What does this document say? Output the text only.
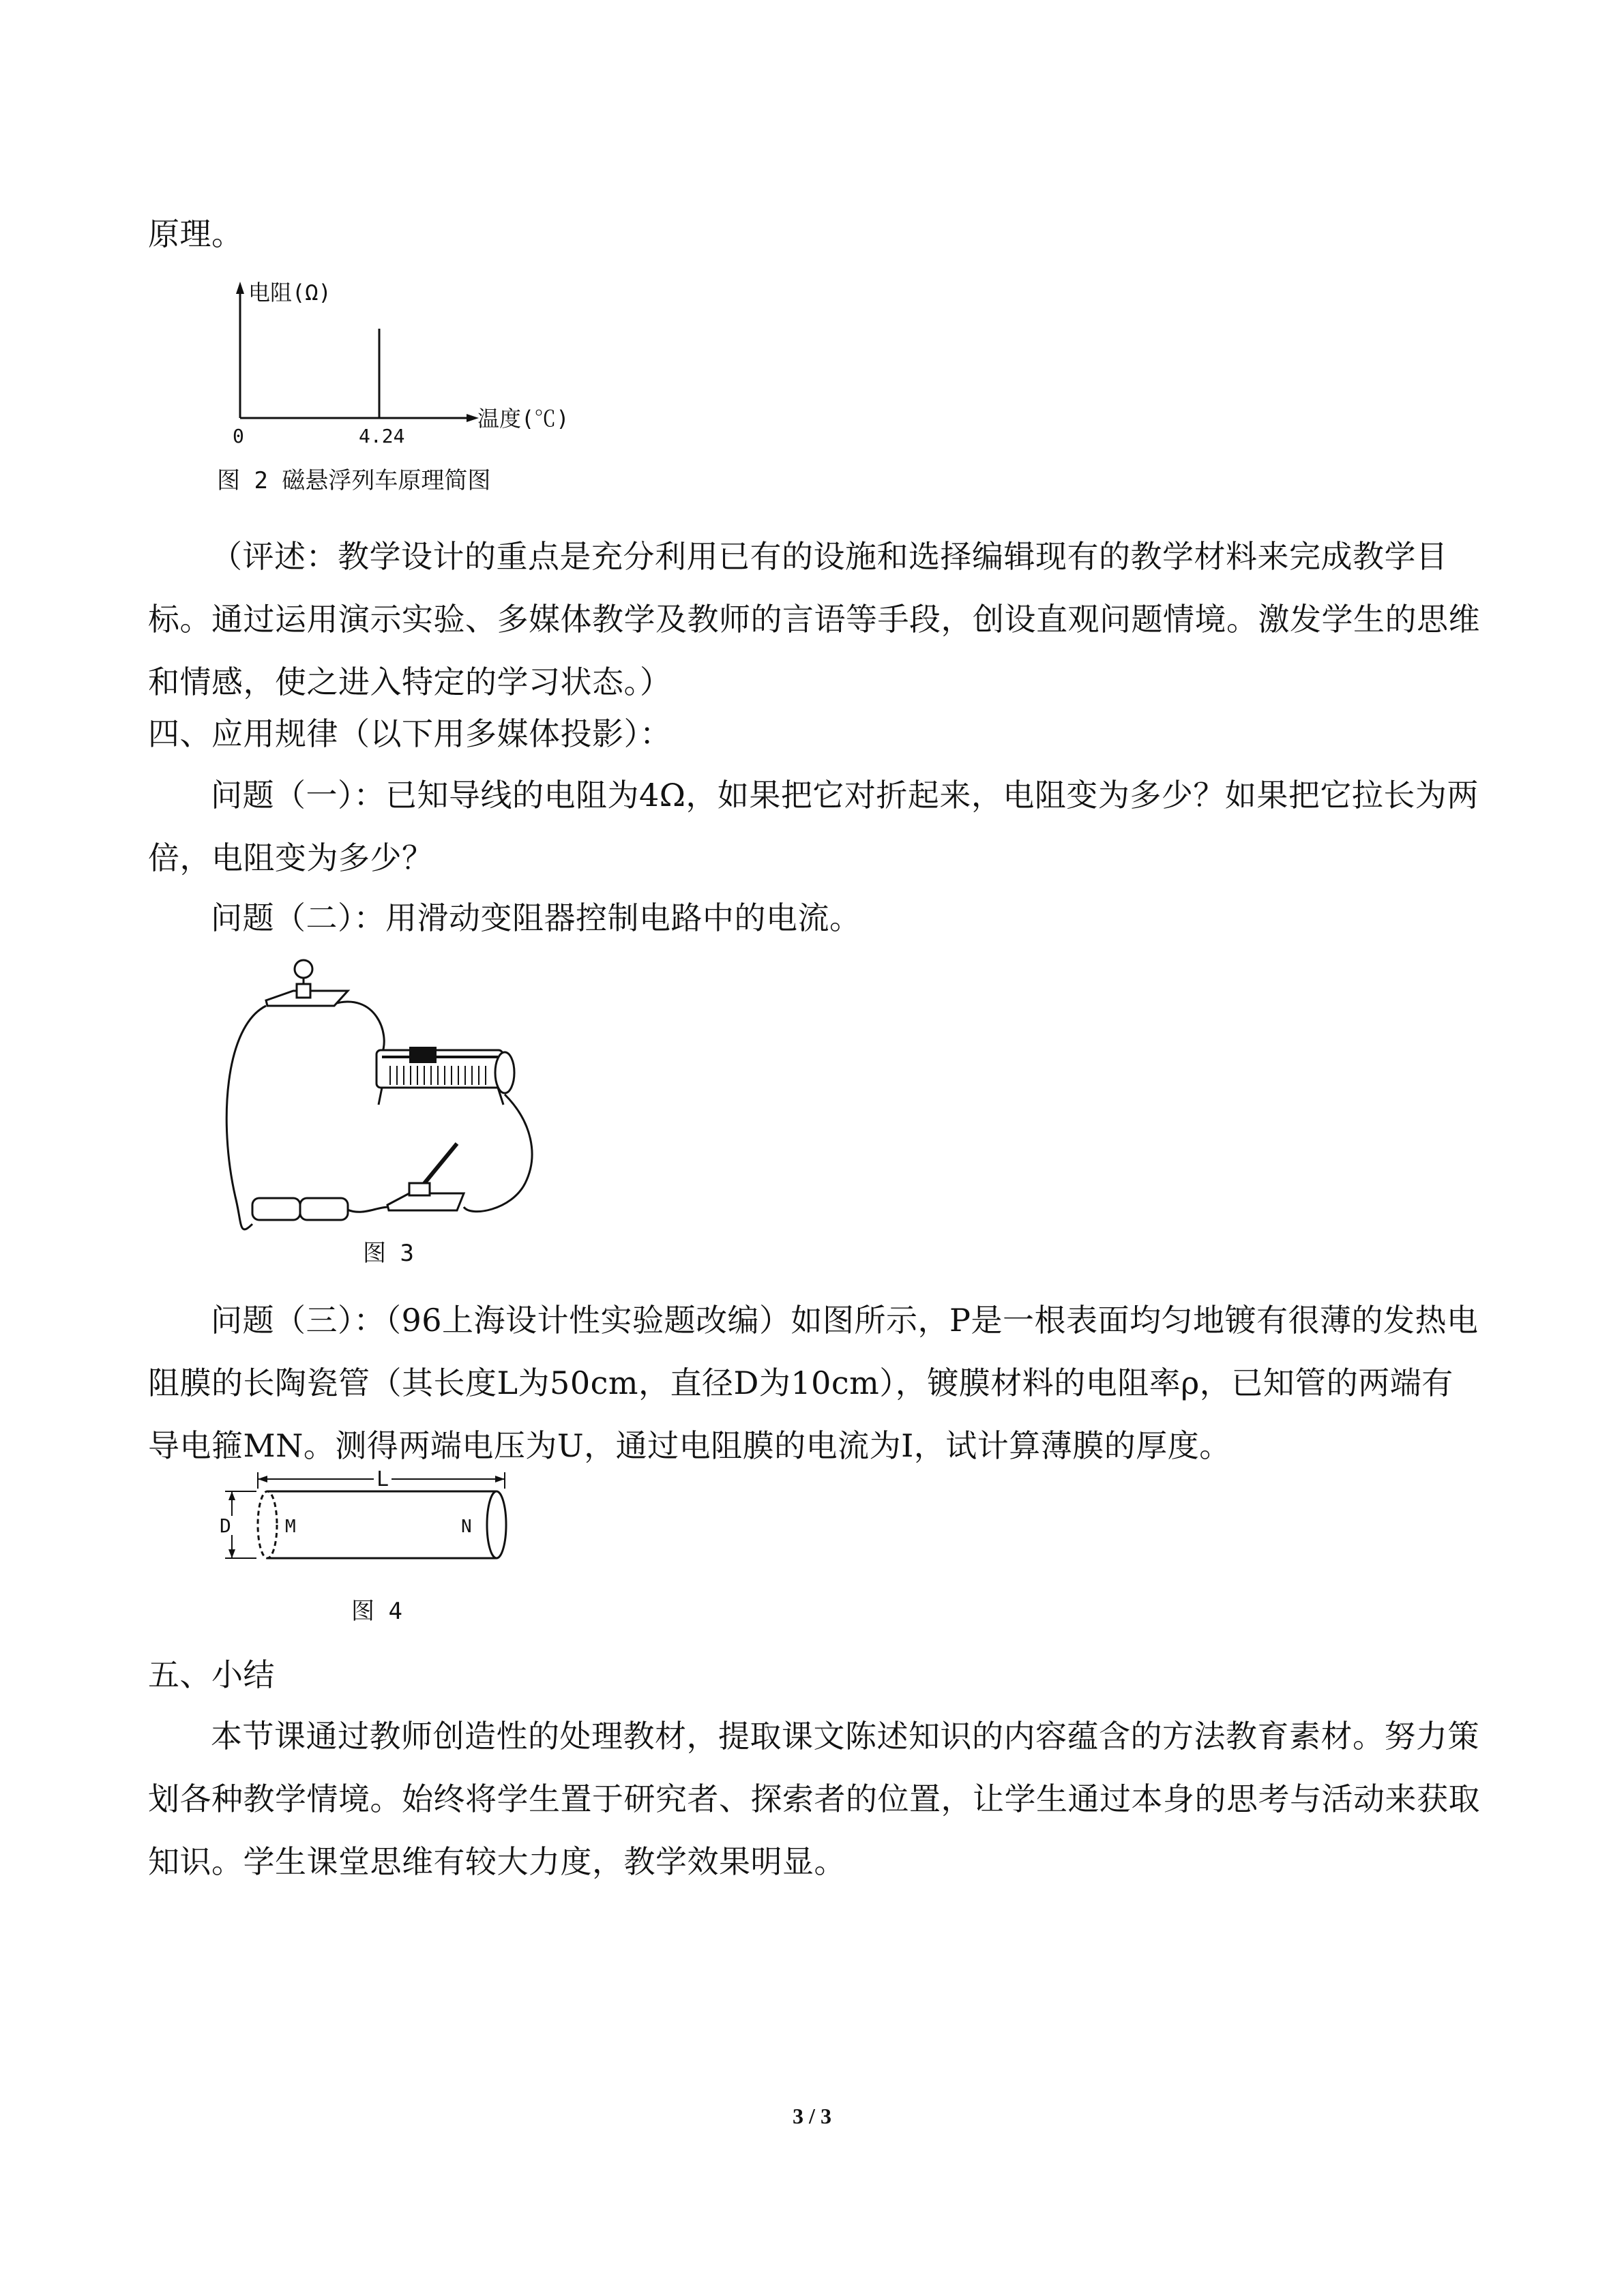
原理。
电阻(Ω)
温度(℃)
0	4.24
图 2 磁悬浮列车原理简图
（评述：教学设计的重点是充分利用已有的设施和选择编辑现有的教学材料来完成教学目标。通过运用演示实验、多媒体教学及教师的言语等手段，创设直观问题情境。激发学生的思维和情感，使之进入特定的学习状态。）
四、应用规律（以下用多媒体投影）：
问题（一）：已知导线的电阻为4Ω，如果把它对折起来，电阻变为多少？如果把它拉长为两倍，电阻变为多少？
问题（二）：用滑动变阻器控制电路中的电流。
图 3
问题（三）：（96上海设计性实验题改编）如图所示，P是一根表面均匀地镀有很薄的发热电阻膜的长陶瓷管（其长度L为50cm，直径D为10cm），镀膜材料的电阻率ρ，已知管的两端有导电箍MN。测得两端电压为U，通过电阻膜的电流为I，试计算薄膜的厚度。
L
D	M	N
图 4
五、小结
本节课通过教师创造性的处理教材，提取课文陈述知识的内容蕴含的方法教育素材。努力策划各种教学情境。始终将学生置于研究者、探索者的位置，让学生通过本身的思考与活动来获取知识。学生课堂思维有较大力度，教学效果明显。
3 / 3
